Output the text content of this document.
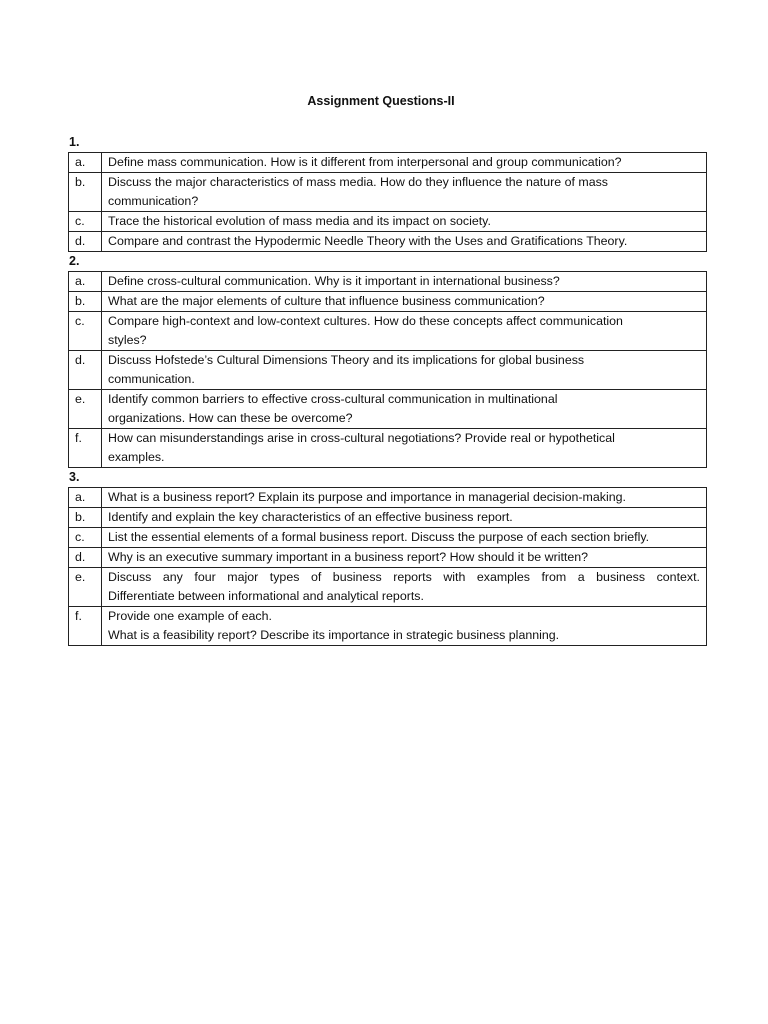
Assignment Questions-II
1.
a.	Define mass communication. How is it different from interpersonal and group communication?

b.	Discuss the major characteristics of mass media. How do they influence the nature of mass
communication?

c.	Trace the historical evolution of mass media and its impact on society.

d.	Compare and contrast the Hypodermic Needle Theory with the Uses and Gratifications Theory.
2.
a.	Define cross-cultural communication. Why is it important in international business?

b.	What are the major elements of culture that influence business communication?

c.	Compare high-context and low-context cultures. How do these concepts affect communication
styles?

d.	Discuss Hofstede’s Cultural Dimensions Theory and its implications for global business
communication.

e.	Identify common barriers to effective cross-cultural communication in multinational
organizations. How can these be overcome?

f.	How can misunderstandings arise in cross-cultural negotiations? Provide real or hypothetical
examples.
3.
a.	What is a business report? Explain its purpose and importance in managerial decision-making.

b.	Identify and explain the key characteristics of an effective business report.

c.	List the essential elements of a formal business report. Discuss the purpose of each section briefly.

d.	Why is an executive summary important in a business report? How should it be written?

e.	Discuss any four major types of business reports with examples from a business context.
Differentiate between informational and analytical reports.

f.	Provide one example of each.
What is a feasibility report? Describe its importance in strategic business planning.
